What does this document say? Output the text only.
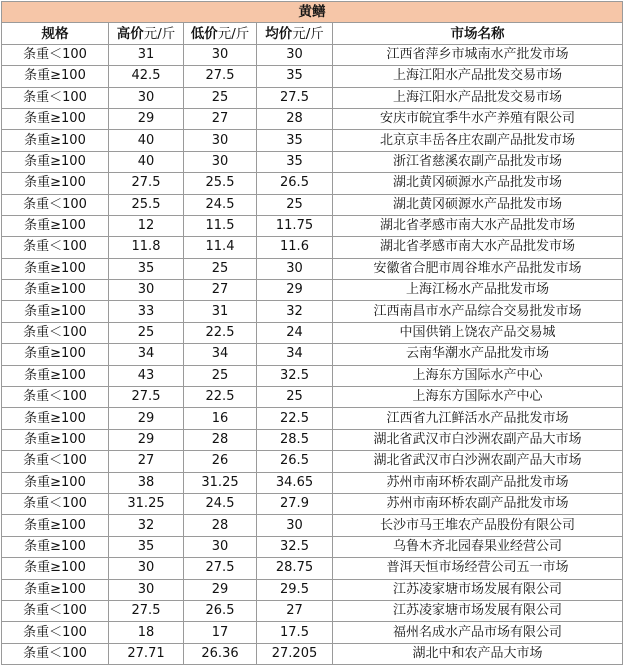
黄鳝				
规格	高价元/斤	低价元/斤	均价元/斤	市场名称
条重＜100	31	30	30	江西省萍乡市城南水产批发市场
条重≥100	42.5	27.5	35	上海江阳水产品批发交易市场
条重＜100	30	25	27.5	上海江阳水产品批发交易市场
条重≥100	29	27	28	安庆市皖宜季牛水产养殖有限公司
条重≥100	40	30	35	北京京丰岳各庄农副产品批发市场
条重≥100	40	30	35	浙江省慈溪农副产品批发市场
条重≥100	27.5	25.5	26.5	湖北黄冈硕源水产品批发市场
条重＜100	25.5	24.5	25	湖北黄冈硕源水产品批发市场
条重≥100	12	11.5	11.75	湖北省孝感市南大水产品批发市场
条重＜100	11.8	11.4	11.6	湖北省孝感市南大水产品批发市场
条重≥100	35	25	30	安徽省合肥市周谷堆水产品批发市场
条重≥100	30	27	29	上海江杨水产品批发市场
条重≥100	33	31	32	江西南昌市水产品综合交易批发市场
条重＜100	25	22.5	24	中国供销上饶农产品交易城
条重≥100	34	34	34	云南华潮水产品批发市场
条重≥100	43	25	32.5	上海东方国际水产中心
条重＜100	27.5	22.5	25	上海东方国际水产中心
条重≥100	29	16	22.5	江西省九江鲜活水产品批发市场
条重≥100	29	28	28.5	湖北省武汉市白沙洲农副产品大市场
条重＜100	27	26	26.5	湖北省武汉市白沙洲农副产品大市场
条重≥100	38	31.25	34.65	苏州市南环桥农副产品批发市场
条重＜100	31.25	24.5	27.9	苏州市南环桥农副产品批发市场
条重≥100	32	28	30	长沙市马王堆农产品股份有限公司
条重≥100	35	30	32.5	乌鲁木齐北园春果业经营公司
条重≥100	30	27.5	28.75	普洱天恒市场经营公司五一市场
条重≥100	30	29	29.5	江苏凌家塘市场发展有限公司
条重＜100	27.5	26.5	27	江苏凌家塘市场发展有限公司
条重＜100	18	17	17.5	福州名成水产品市场有限公司
条重＜100	27.71	26.36	27.205	湖北中和农产品大市场
